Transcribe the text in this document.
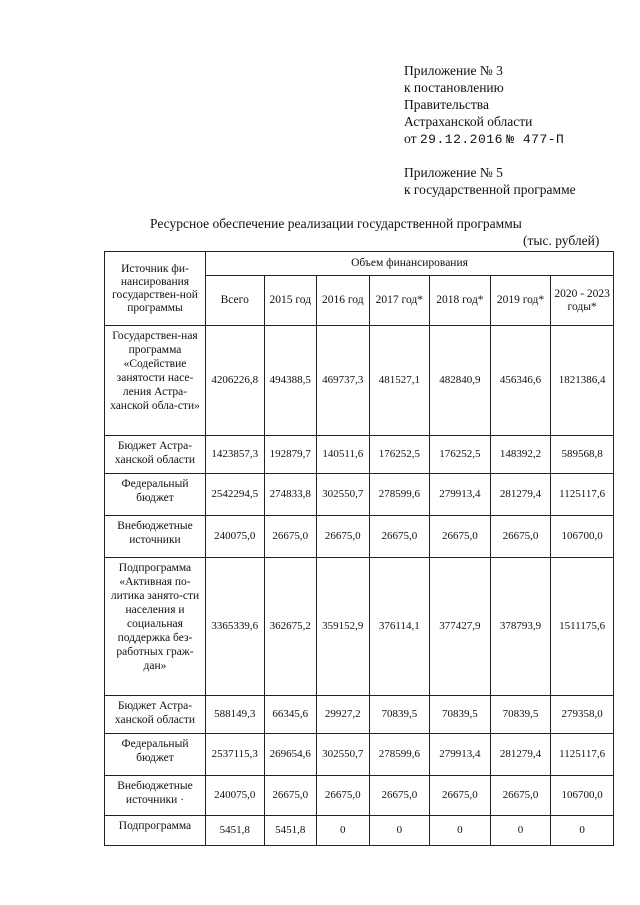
Приложение № 3
к постановлению
Правительства
Астраханской области
от 29.12.2016 № 477-П
Приложение № 5
к государственной программе
Ресурсное обеспечение реализации государственной программы
(тыс. рублей)
Источник фи-нансирования государствен-ной программы	Объем финансирования						
	Всего	2015 год	2016 год	2017 год*	2018 год*	2019 год*	2020 - 2023 годы*
Государствен-ная программа «Содействие занятости насе-ления Астра-ханской обла-сти»	4206226,8	494388,5	469737,3	481527,1	482840,9	456346,6	1821386,4
Бюджет Астра-ханской области	1423857,3	192879,7	140511,6	176252,5	176252,5	148392,2	589568,8
Федеральный бюджет	2542294,5	274833,8	302550,7	278599,6	279913,4	281279,4	1125117,6
Внебюджетные источники	240075,0	26675,0	26675,0	26675,0	26675,0	26675,0	106700,0
Подпрограмма «Активная по-литика занято-сти населения и социальная поддержка без-работных граж-дан»	3365339,6	362675,2	359152,9	376114,1	377427,9	378793,9	1511175,6
Бюджет Астра-ханской области	588149,3	66345,6	29927,2	70839,5	70839,5	70839,5	279358,0
Федеральный бюджет	2537115,3	269654,6	302550,7	278599,6	279913,4	281279,4	1125117,6
Внебюджетные источники ·	240075,0	26675,0	26675,0	26675,0	26675,0	26675,0	106700,0
Подпрограмма	5451,8	5451,8	0	0	0	0	0
